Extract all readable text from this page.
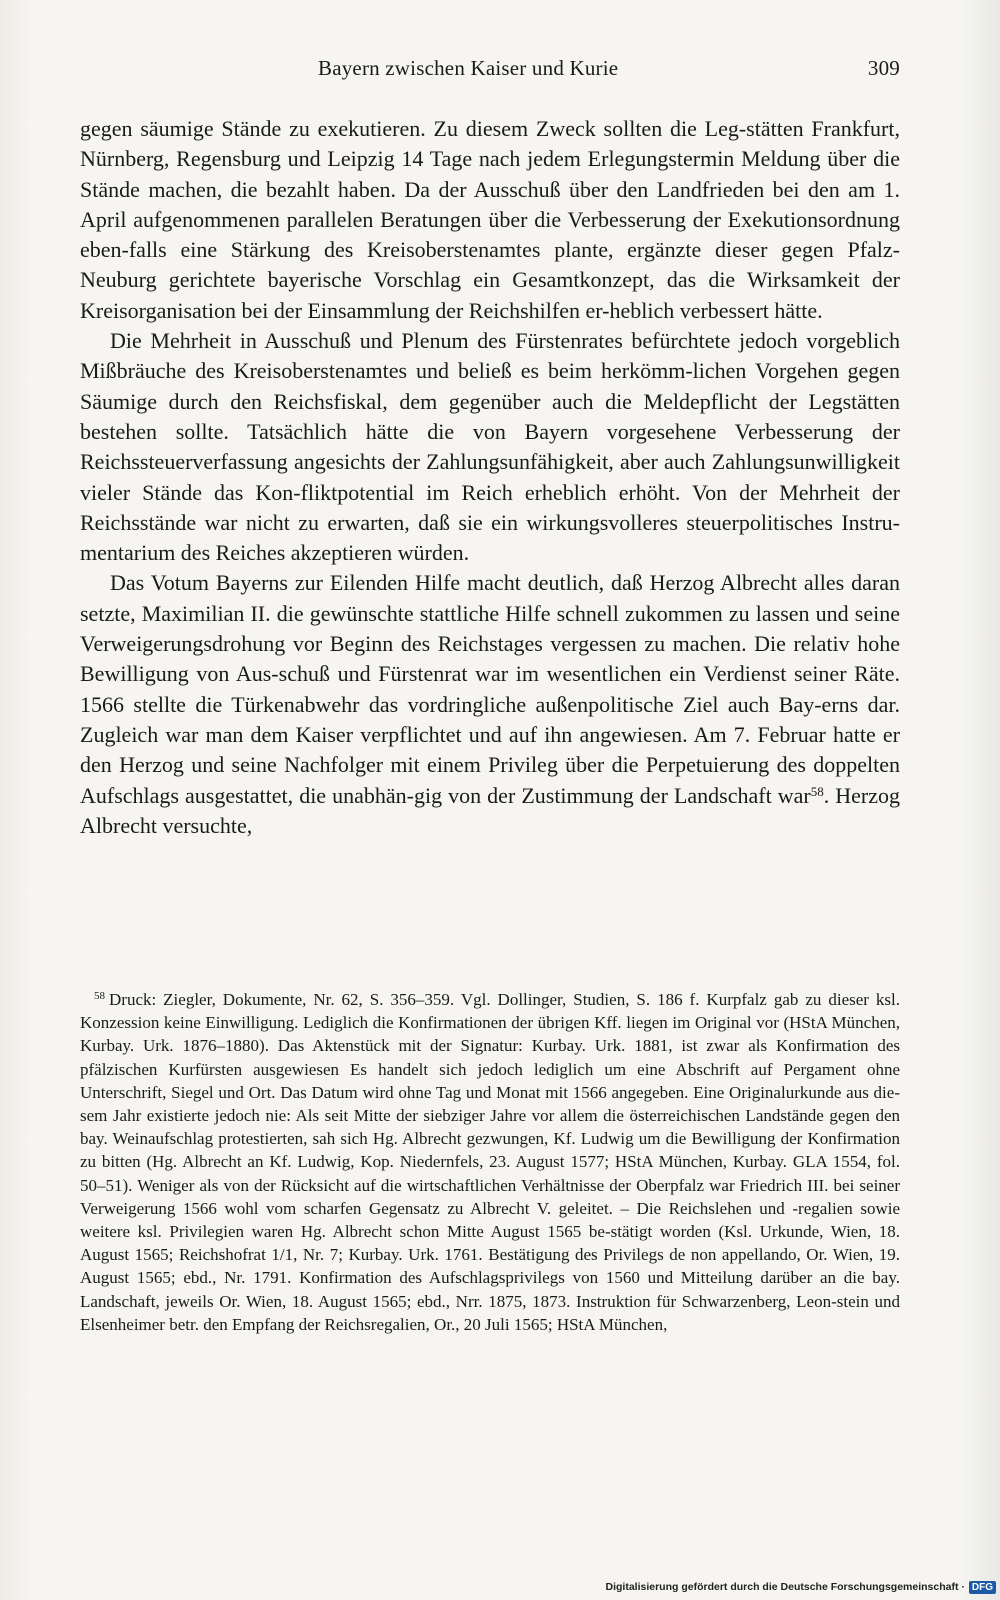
Bayern zwischen Kaiser und Kurie	309

gegen säumige Stände zu exekutieren. Zu diesem Zweck sollten die Leg-stätten Frankfurt, Nürnberg, Regensburg und Leipzig 14 Tage nach jedem Erlegungstermin Meldung über die Stände machen, die bezahlt haben. Da der Ausschuß über den Landfrieden bei den am 1. April aufgenommenen parallelen Beratungen über die Verbesserung der Exekutionsordnung eben-falls eine Stärkung des Kreisoberstenamtes plante, ergänzte dieser gegen Pfalz-Neuburg gerichtete bayerische Vorschlag ein Gesamtkonzept, das die Wirksamkeit der Kreisorganisation bei der Einsammlung der Reichshilfen er-heblich verbessert hätte.

Die Mehrheit in Ausschuß und Plenum des Fürstenrates befürchtete jedoch vorgeblich Mißbräuche des Kreisoberstenamtes und beließ es beim herkömm-lichen Vorgehen gegen Säumige durch den Reichsfiskal, dem gegenüber auch die Meldepflicht der Legstätten bestehen sollte. Tatsächlich hätte die von Bayern vorgesehene Verbesserung der Reichssteuerverfassung angesichts der Zahlungsunfähigkeit, aber auch Zahlungsunwilligkeit vieler Stände das Kon-fliktpotential im Reich erheblich erhöht. Von der Mehrheit der Reichsstände war nicht zu erwarten, daß sie ein wirkungsvolleres steuerpolitisches Instru-mentarium des Reiches akzeptieren würden.

Das Votum Bayerns zur Eilenden Hilfe macht deutlich, daß Herzog Albrecht alles daran setzte, Maximilian II. die gewünschte stattliche Hilfe schnell zukommen zu lassen und seine Verweigerungsdrohung vor Beginn des Reichstages vergessen zu machen. Die relativ hohe Bewilligung von Aus-schuß und Fürstenrat war im wesentlichen ein Verdienst seiner Räte. 1566 stellte die Türkenabwehr das vordringliche außenpolitische Ziel auch Bay-erns dar. Zugleich war man dem Kaiser verpflichtet und auf ihn angewiesen. Am 7. Februar hatte er den Herzog und seine Nachfolger mit einem Privileg über die Perpetuierung des doppelten Aufschlags ausgestattet, die unabhän-gig von der Zustimmung der Landschaft war$^{58}$. Herzog Albrecht versuchte,

$^{58}$ Druck: Ziegler, Dokumente, Nr. 62, S. 356–359. Vgl. Dollinger, Studien, S. 186 f. Kurpfalz gab zu dieser ksl. Konzession keine Einwilligung. Lediglich die Konfirmationen der übrigen Kff. liegen im Original vor (HStA München, Kurbay. Urk. 1876–1880). Das Aktenstück mit der Signatur: Kurbay. Urk. 1881, ist zwar als Konfirmation des pfälzischen Kurfürsten ausgewiesen Es handelt sich jedoch lediglich um eine Abschrift auf Pergament ohne Unterschrift, Siegel und Ort. Das Datum wird ohne Tag und Monat mit 1566 angegeben. Eine Originalurkunde aus die-sem Jahr existierte jedoch nie: Als seit Mitte der siebziger Jahre vor allem die österreichischen Landstände gegen den bay. Weinaufschlag protestierten, sah sich Hg. Albrecht gezwungen, Kf. Ludwig um die Bewilligung der Konfirmation zu bitten (Hg. Albrecht an Kf. Ludwig, Kop. Niedernfels, 23. August 1577; HStA München, Kurbay. GLA 1554, fol. 50–51). Weniger als von der Rücksicht auf die wirtschaftlichen Verhältnisse der Oberpfalz war Friedrich III. bei seiner Verweigerung 1566 wohl vom scharfen Gegensatz zu Albrecht V. geleitet. – Die Reichslehen und -regalien sowie weitere ksl. Privilegien waren Hg. Albrecht schon Mitte August 1565 be-stätigt worden (Ksl. Urkunde, Wien, 18. August 1565; Reichshofrat 1/1, Nr. 7; Kurbay. Urk. 1761. Bestätigung des Privilegs de non appellando, Or. Wien, 19. August 1565; ebd., Nr. 1791. Konfirmation des Aufschlagsprivilegs von 1560 und Mitteilung darüber an die bay. Landschaft, jeweils Or. Wien, 18. August 1565; ebd., Nrr. 1875, 1873. Instruktion für Schwarzenberg, Leon-stein und Elsenheimer betr. den Empfang der Reichsregalien, Or., 20 Juli 1565; HStA München,

Digitalisierung gefördert durch die Deutsche Forschungsgemeinschaft · DFG
